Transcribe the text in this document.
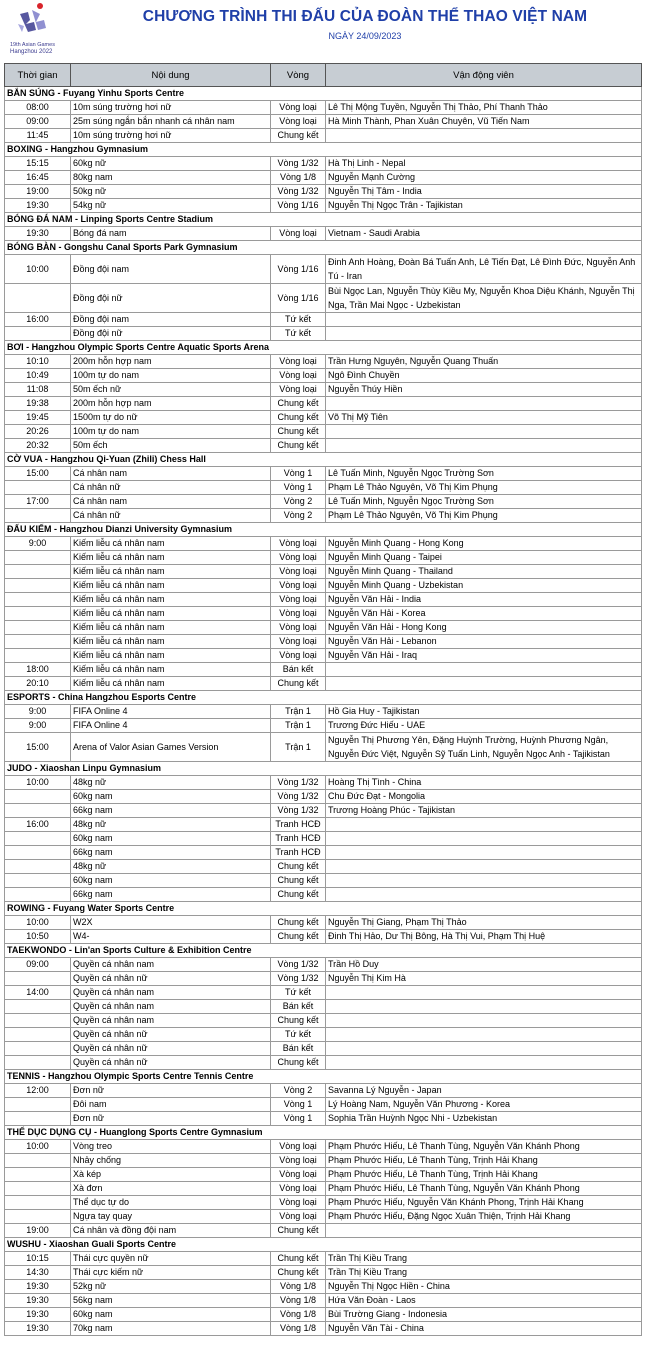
19th Asian Games
Hangzhou 2022
CHƯƠNG TRÌNH THI ĐẤU CỦA ĐOÀN THỂ THAO VIỆT NAM
NGÀY 24/09/2023
Thời gian	Nội dung	Vòng	Vận động viên
BẮN SÚNG - Fuyang Yinhu Sports Centre			
08:00	10m súng trường hơi nữ	Vòng loại	Lê Thị Mộng Tuyền, Nguyễn Thị Thảo, Phí Thanh Thảo
09:00	25m súng ngắn bắn nhanh cá nhân nam	Vòng loại	Hà Minh Thành, Phan Xuân Chuyên, Vũ Tiến Nam
11:45	10m súng trường hơi nữ	Chung kết	
BOXING - Hangzhou Gymnasium			
15:15	60kg nữ	Vòng 1/32	Hà Thị Linh - Nepal
16:45	80kg nam	Vòng 1/8	Nguyễn Mạnh Cường
19:00	50kg nữ	Vòng 1/32	Nguyễn Thị Tâm - India
19:30	54kg nữ	Vòng 1/16	Nguyễn Thị Ngọc Trân - Tajikistan
BÓNG ĐÁ NAM - Linping Sports Centre Stadium			
19:30	Bóng đá nam	Vòng loại	Vietnam - Saudi Arabia
BÓNG BÀN - Gongshu Canal Sports Park Gymnasium			
10:00	Đồng đội nam	Vòng 1/16	Đinh Anh Hoàng, Đoàn Bá Tuấn Anh, Lê Tiến Đạt, Lê Đình Đức, Nguyễn Anh Tú - Iran
	Đồng đội nữ	Vòng 1/16	Bùi Ngọc Lan, Nguyễn Thùy Kiều My, Nguyễn Khoa Diệu Khánh, Nguyễn Thị Nga, Trần Mai Ngọc - Uzbekistan
16:00	Đồng đội nam	Tứ kết	
	Đồng đội nữ	Tứ kết	
BƠI - Hangzhou Olympic Sports Centre Aquatic Sports Arena			
10:10	200m hỗn hợp nam	Vòng loại	Trần Hưng Nguyên, Nguyễn Quang Thuấn
10:49	100m tự do nam	Vòng loại	Ngô Đình Chuyền
11:08	50m ếch nữ	Vòng loại	Nguyễn Thúy Hiền
19:38	200m hỗn hợp nam	Chung kết	
19:45	1500m tự do nữ	Chung kết	Võ Thị Mỹ Tiên
20:26	100m tự do nam	Chung kết	
20:32	50m ếch	Chung kết	
CỜ VUA - Hangzhou Qi-Yuan (Zhili) Chess Hall			
15:00	Cá nhân nam	Vòng 1	Lê Tuấn Minh, Nguyễn Ngọc Trường Sơn
	Cá nhân nữ	Vòng 1	Phạm Lê Thảo Nguyên, Võ Thị Kim Phụng
17:00	Cá nhân nam	Vòng 2	Lê Tuấn Minh, Nguyễn Ngọc Trường Sơn
	Cá nhân nữ	Vòng 2	Phạm Lê Thảo Nguyên, Võ Thị Kim Phụng
ĐẤU KIẾM - Hangzhou Dianzi University Gymnasium			
9:00	Kiếm liễu cá nhân nam	Vòng loại	Nguyễn Minh Quang - Hong Kong
	Kiếm liễu cá nhân nam	Vòng loại	Nguyễn Minh Quang - Taipei
	Kiếm liễu cá nhân nam	Vòng loại	Nguyễn Minh Quang - Thailand
	Kiếm liễu cá nhân nam	Vòng loại	Nguyễn Minh Quang - Uzbekistan
	Kiếm liễu cá nhân nam	Vòng loại	Nguyễn Văn Hải - India
	Kiếm liễu cá nhân nam	Vòng loại	Nguyễn Văn Hải - Korea
	Kiếm liễu cá nhân nam	Vòng loại	Nguyễn Văn Hải - Hong Kong
	Kiếm liễu cá nhân nam	Vòng loại	Nguyễn Văn Hải - Lebanon
	Kiếm liễu cá nhân nam	Vòng loại	Nguyễn Văn Hải - Iraq
18:00	Kiếm liễu cá nhân nam	Bán kết	
20:10	Kiếm liễu cá nhân nam	Chung kết	
ESPORTS - China Hangzhou Esports Centre			
9:00	FIFA Online 4	Trận 1	Hồ Gia Huy - Tajikistan
9:00	FIFA Online 4	Trận 1	Trương Đức Hiếu - UAE
15:00	Arena of Valor Asian Games Version	Trận 1	Nguyễn Thị Phương Yên, Đặng Huỳnh Trường, Huỳnh Phương Ngân, Nguyễn Đức Việt, Nguyễn Sỹ Tuấn Linh, Nguyễn Ngọc Anh - Tajikistan
JUDO - Xiaoshan Linpu Gymnasium			
10:00	48kg nữ	Vòng 1/32	Hoàng Thị Tình - China
	60kg nam	Vòng 1/32	Chu Đức Đạt - Mongolia
	66kg nam	Vòng 1/32	Trương Hoàng Phúc - Tajikistan
16:00	48kg nữ	Tranh HCĐ	
	60kg nam	Tranh HCĐ	
	66kg nam	Tranh HCĐ	
	48kg nữ	Chung kết	
	60kg nam	Chung kết	
	66kg nam	Chung kết	
ROWING - Fuyang Water Sports Centre			
10:00	W2X	Chung kết	Nguyễn Thị Giang, Phạm Thị Thảo
10:50	W4-	Chung kết	Đinh Thị Hảo, Dư Thị Bông, Hà Thị Vui, Phạm Thị Huệ
TAEKWONDO - Lin'an Sports Culture & Exhibition Centre			
09:00	Quyền cá nhân nam	Vòng 1/32	Trần Hồ Duy
	Quyền cá nhân nữ	Vòng 1/32	Nguyễn Thị Kim Hà
14:00	Quyền cá nhân nam	Tứ kết	
	Quyền cá nhân nam	Bán kết	
	Quyền cá nhân nam	Chung kết	
	Quyền cá nhân nữ	Tứ kết	
	Quyền cá nhân nữ	Bán kết	
	Quyền cá nhân nữ	Chung kết	
TENNIS - Hangzhou Olympic Sports Centre Tennis Centre			
12:00	Đơn nữ	Vòng 2	Savanna Lý Nguyễn - Japan
	Đôi nam	Vòng 1	Lý Hoàng Nam, Nguyễn Văn Phương - Korea
	Đơn nữ	Vòng 1	Sophia Trần Huỳnh Ngọc Nhi - Uzbekistan
THỂ DỤC DỤNG CỤ - Huanglong Sports Centre Gymnasium			
10:00	Vòng treo	Vòng loại	Phạm Phước Hiếu, Lê Thanh Tùng, Nguyễn Văn Khánh Phong
	Nhảy chống	Vòng loại	Phạm Phước Hiếu, Lê Thanh Tùng, Trịnh Hải Khang
	Xà kép	Vòng loại	Phạm Phước Hiếu, Lê Thanh Tùng, Trịnh Hải Khang
	Xà đơn	Vòng loại	Phạm Phước Hiếu, Lê Thanh Tùng, Nguyễn Văn Khánh Phong
	Thể dục tự do	Vòng loại	Phạm Phước Hiếu, Nguyễn Văn Khánh Phong, Trịnh Hải Khang
	Ngựa tay quay	Vòng loại	Phạm Phước Hiếu, Đặng Ngọc Xuân Thiện, Trịnh Hải Khang
19:00	Cá nhân và đồng đội nam	Chung kết	
WUSHU - Xiaoshan Guali Sports Centre			
10:15	Thái cực quyền nữ	Chung kết	Trần Thị Kiều Trang
14:30	Thái cực kiếm nữ	Chung kết	Trần Thị Kiều Trang
19:30	52kg nữ	Vòng 1/8	Nguyễn Thị Ngọc Hiền - China
19:30	56kg nam	Vòng 1/8	Hứa Văn Đoàn - Laos
19:30	60kg nam	Vòng 1/8	Bùi Trường Giang - Indonesia
19:30	70kg nam	Vòng 1/8	Nguyễn Văn Tài - China
